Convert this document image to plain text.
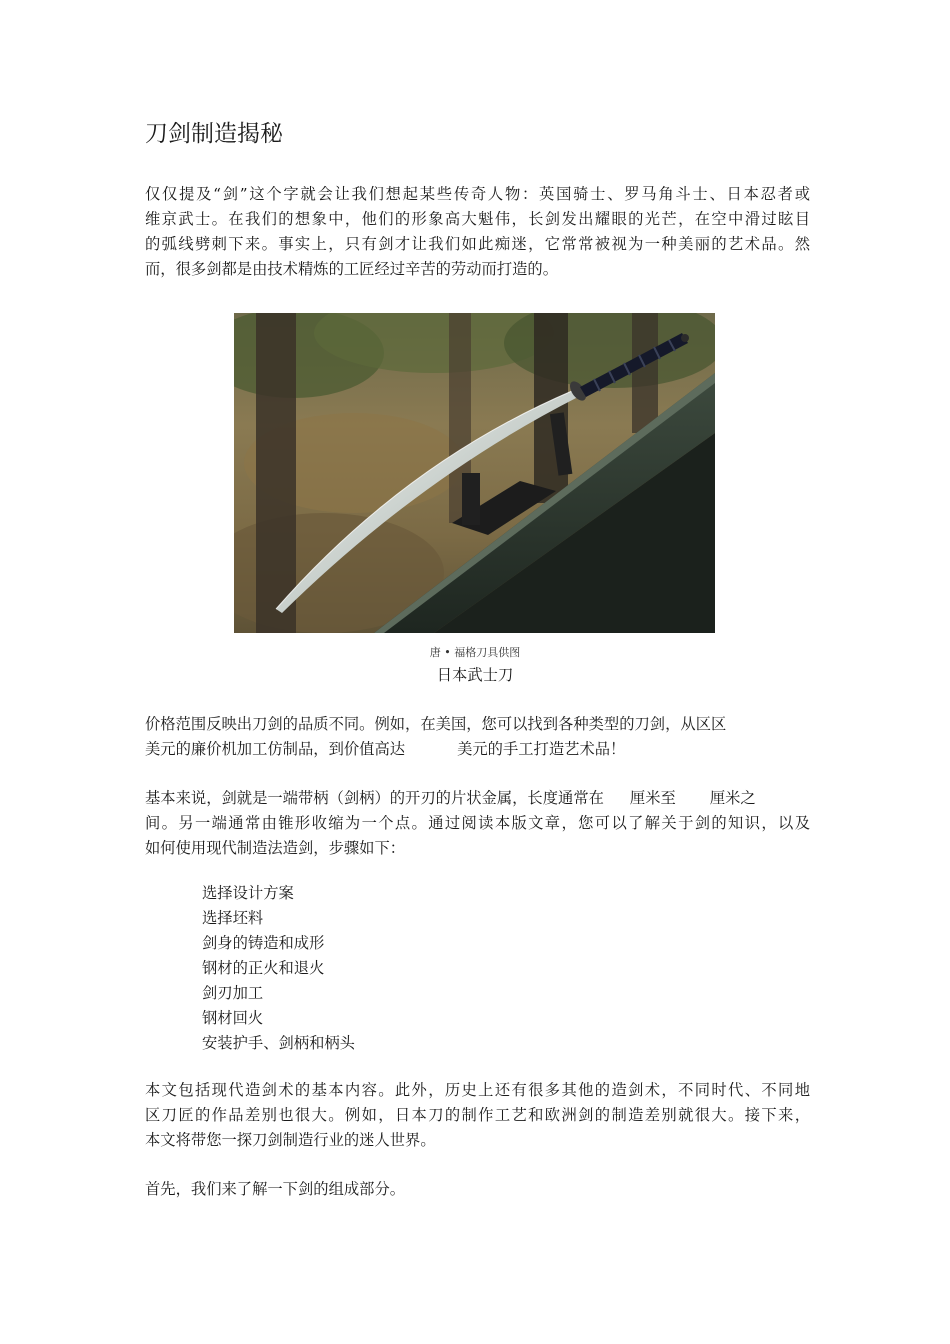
刀剑制造揭秘
仅仅提及“剑”这个字就会让我们想起某些传奇人物：英国骑士、罗马角斗士、日本忍者或
维京武士。在我们的想象中，他们的形象高大魁伟，长剑发出耀眼的光芒，在空中滑过眩目
的弧线劈刺下来。事实上，只有剑才让我们如此痴迷，它常常被视为一种美丽的艺术品。然
而，很多剑都是由技术精炼的工匠经过辛苦的劳动而打造的。
唐 • 福格刀具供图
日本武士刀
价格范围反映出刀剑的品质不同。例如，在美国，您可以找到各种类型的刀剑，从区区
美元的廉价机加工仿制品，到价值高达	美元的手工打造艺术品！
基本来说，剑就是一端带柄（剑柄）的开刃的片状金属，长度通常在 厘米至 厘米之
间。另一端通常由锥形收缩为一个点。通过阅读本版文章，您可以了解关于剑的知识，以及
如何使用现代制造法造剑，步骤如下：
选择设计方案
选择坯料
剑身的铸造和成形
钢材的正火和退火
剑刃加工
钢材回火
安装护手、剑柄和柄头
本文包括现代造剑术的基本内容。此外，历史上还有很多其他的造剑术，不同时代、不同地
区刀匠的作品差别也很大。例如，日本刀的制作工艺和欧洲剑的制造差别就很大。接下来，
本文将带您一探刀剑制造行业的迷人世界。
首先，我们来了解一下剑的组成部分。
